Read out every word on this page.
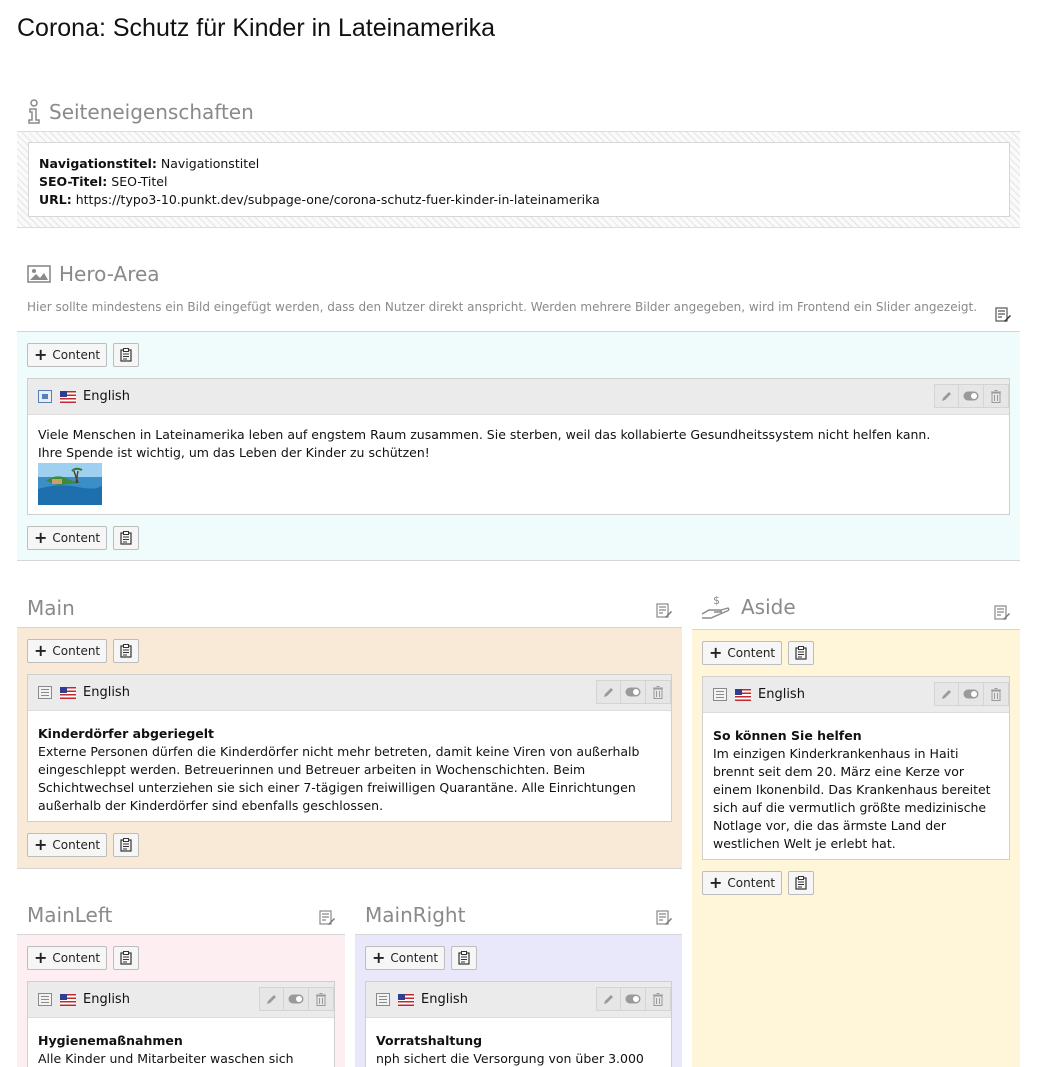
Corona: Schutz für Kinder in Lateinamerika
Seiteneigenschaften
Navigationstitel: Navigationstitel
SEO-Titel: SEO-Titel
URL: https://typo3-10.punkt.dev/subpage-one/corona-schutz-fuer-kinder-in-lateinamerika
Hero-Area
Hier sollte mindestens ein Bild eingefügt werden, dass den Nutzer direkt anspricht. Werden mehrere Bilder angegeben, wird im Frontend ein Slider angezeigt.
+ Content
English
Viele Menschen in Lateinamerika leben auf engstem Raum zusammen. Sie sterben, weil das kollabierte Gesundheitssystem nicht helfen kann.
Ihre Spende ist wichtig, um das Leben der Kinder zu schützen!
+ Content
Main
+ Content
English
Kinderdörfer abgeriegelt
Externe Personen dürfen die Kinderdörfer nicht mehr betreten, damit keine Viren von außerhalb eingeschleppt werden. Betreuerinnen und Betreuer arbeiten in Wochenschichten. Beim Schichtwechsel unterziehen sie sich einer 7-tägigen freiwilligen Quarantäne. Alle Einrichtungen außerhalb der Kinderdörfer sind ebenfalls geschlossen.
+ Content
$ Aside
+ Content
English
So können Sie helfen
Im einzigen Kinderkrankenhaus in Haiti brennt seit dem 20. März eine Kerze vor einem Ikonenbild. Das Krankenhaus bereitet sich auf die vermutlich größte medizinische Notlage vor, die das ärmste Land der westlichen Welt je erlebt hat.
+ Content
MainLeft
+ Content
English
Hygienemaßnahmen
Alle Kinder und Mitarbeiter waschen sich
MainRight
+ Content
English
Vorratshaltung
nph sichert die Versorgung von über 3.000
